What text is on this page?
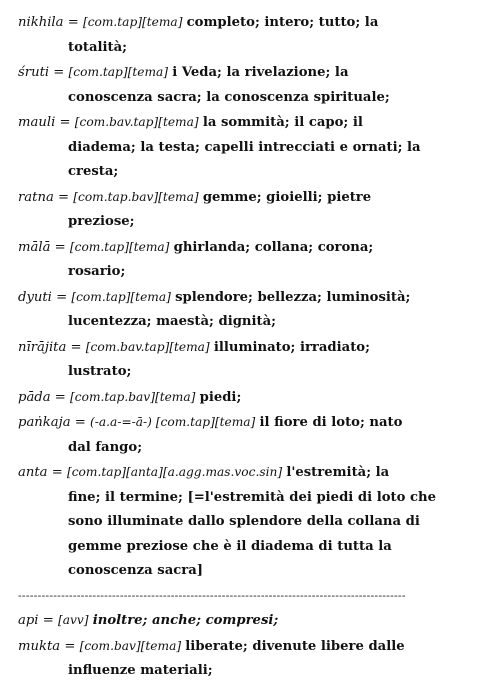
nikhila = [com.tap][tema] completo; intero; tutto; la
totalità;
śruti = [com.tap][tema] i Veda; la rivelazione; la
conoscenza sacra; la conoscenza spirituale;
mauli = [com.bav.tap][tema] la sommità; il capo; il
diadema; la testa; capelli intrecciati e ornati; la
cresta;
ratna = [com.tap.bav][tema] gemme; gioielli; pietre
preziose;
mālā = [com.tap][tema] ghirlanda; collana; corona;
rosario;
dyuti = [com.tap][tema] splendore; bellezza; luminosità;
lucentezza; maestà; dignità;
nīrājita = [com.bav.tap][tema] illuminato; irradiato;
lustrato;
pāda = [com.tap.bav][tema] piedi;
paṅkaja = (-a.a-=-ā-) [com.tap][tema] il fiore di loto; nato
dal fango;
anta = [com.tap][anta][a.agg.mas.voc.sin] l'estremità; la
fine; il termine; [=l'estremità dei piedi di loto che
sono illuminate dallo splendore della collana di
gemme preziose che è il diadema di tutta la
conoscenza sacra]
---------------------------------------------------------------------------------------------------
api = [avv] inoltre; anche; compresi;
mukta = [com.bav][tema] liberate; divenute libere dalle
influenze materiali;
